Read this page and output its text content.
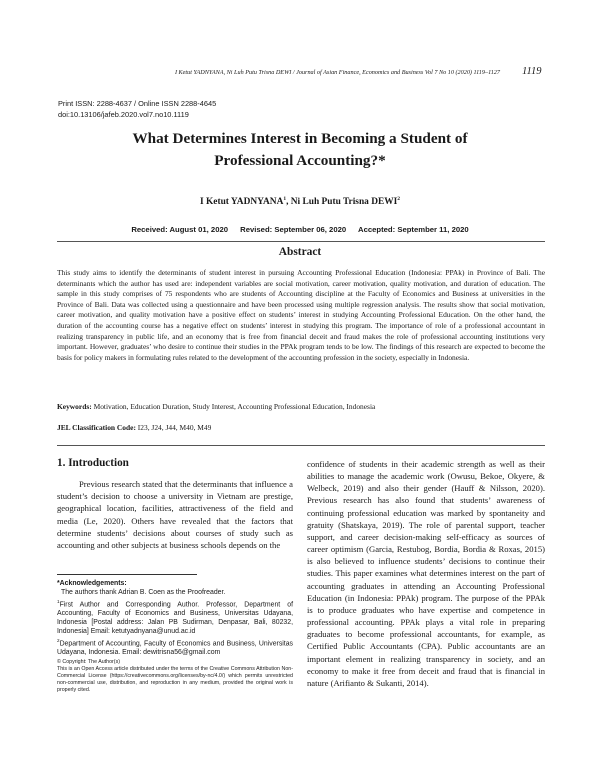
I Ketut YADNYANA, Ni Luh Putu Trisna DEWI / Journal of Asian Finance, Economics and Business Vol 7 No 10 (2020) 1119–1127 1119
Print ISSN: 2288-4637 / Online ISSN 2288-4645
doi:10.13106/jafeb.2020.vol7.no10.1119
What Determines Interest in Becoming a Student of
Professional Accounting?*
I Ketut YADNYANA$^1$, Ni Luh Putu Trisna DEWI$^2$
Received: August 01, 2020 Revised: September 06, 2020 Accepted: September 11, 2020
Abstract

This study aims to identify the determinants of student interest in pursuing Accounting Professional Education (Indonesia: PPAk) in Province of Bali. The determinants which the author has used are: independent variables are social motivation, career motivation, quality motivation, and duration of education. The sample in this study comprises of 75 respondents who are students of Accounting discipline at the Faculty of Economics and Business at universities in the Province of Bali. Data was collected using a questionnaire and have been processed using multiple regression analysis. The results show that social motivation, career motivation, and quality motivation have a positive effect on students’ interest in studying Accounting Professional Education. On the other hand, the duration of the accounting course has a negative effect on students’ interest in studying this program. The importance of role of a professional accountant in realizing transparency in public life, and an economy that is free from financial deceit and fraud makes the role of professional accounting institutions very important. However, graduates’ who desire to continue their studies in the PPAk program tends to be low. The findings of this research are expected to become the basis for policy makers in formulating rules related to the development of the accounting profession in the society, especially in Indonesia.

Keywords: Motivation, Education Duration, Study Interest, Accounting Professional Education, Indonesia
JEL Classification Code: I23, J24, J44, M40, M49
1. Introduction

Previous research stated that the determinants that influence a student’s decision to choose a university in Vietnam are prestige, geographical location, facilities, attractiveness of the field and media (Le, 2020). Others have revealed that the factors that determine students’ decisions about courses of study such as accounting and other subjects at business schools depends on the

*Acknowledgements:
The authors thank Adrian B. Coen as the Proofreader.
$^1$First Author and Corresponding Author. Professor, Department of Accounting, Faculty of Economics and Business, Universitas Udayana, Indonesia [Postal address: Jalan PB Sudirman, Denpasar, Bali, 80232, Indonesia] Email: ketutyadnyana@unud.ac.id
$^2$Department of Accounting, Faculty of Economics and Business, Universitas Udayana, Indonesia. Email: dewitrisna56@gmail.com
© Copyright: The Author(s)
This is an Open Access article distributed under the terms of the Creative Commons Attribution Non-Commercial License (https://creativecommons.org/licenses/by-nc/4.0/) which permits unrestricted non-commercial use, distribution, and reproduction in any medium, provided the original work is properly cited.

confidence of students in their academic strength as well as their abilities to manage the academic work (Owusu, Bekoe, Okyere, & Welbeck, 2019) and also their gender (Hauff & Nilsson, 2020). Previous research has also found that students’ awareness of continuing professional education was marked by spontaneity and gratuity (Shatskaya, 2019). The role of parental support, teacher support, and career decision-making self-efficacy as sources of career optimism (Garcia, Restubog, Bordia, Bordia & Roxas, 2015) is also believed to influence students’ decisions to continue their studies. This paper examines what determines interest on the part of accounting graduates in attending an Accounting Professional Education (in Indonesia: PPAk) program. The purpose of the PPAk is to produce graduates who have expertise and competence in professional accounting. PPAk plays a vital role in preparing graduates to become professional accountants, for example, as Certified Public Accountants (CPA). Public accountants are an important element in realizing transparency in society, and an economy to make it free from deceit and fraud that is financial in nature (Arifianto & Sukanti, 2014).
